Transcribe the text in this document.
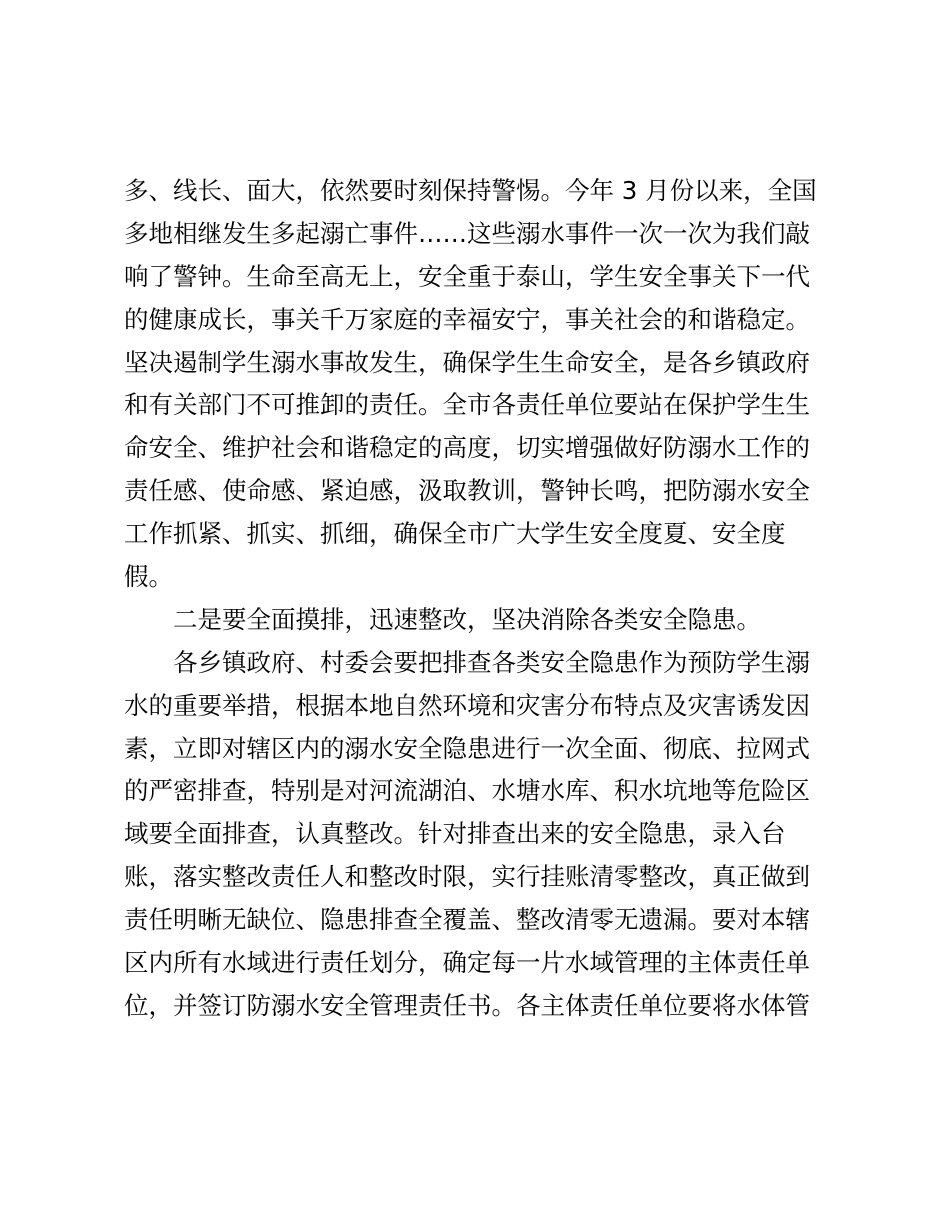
多、线长、面大，依然要时刻保持警惕。今年 3 月份以来，全国
多地相继发生多起溺亡事件……这些溺水事件一次一次为我们敲
响了警钟。生命至高无上，安全重于泰山，学生安全事关下一代
的健康成长，事关千万家庭的幸福安宁，事关社会的和谐稳定。
坚决遏制学生溺水事故发生，确保学生生命安全，是各乡镇政府
和有关部门不可推卸的责任。全市各责任单位要站在保护学生生
命安全、维护社会和谐稳定的高度，切实增强做好防溺水工作的
责任感、使命感、紧迫感，汲取教训，警钟长鸣，把防溺水安全
工作抓紧、抓实、抓细，确保全市广大学生安全度夏、安全度
假。
二是要全面摸排，迅速整改，坚决消除各类安全隐患。
各乡镇政府、村委会要把排查各类安全隐患作为预防学生溺
水的重要举措，根据本地自然环境和灾害分布特点及灾害诱发因
素，立即对辖区内的溺水安全隐患进行一次全面、彻底、拉网式
的严密排查，特别是对河流湖泊、水塘水库、积水坑地等危险区
域要全面排查，认真整改。针对排查出来的安全隐患，录入台
账，落实整改责任人和整改时限，实行挂账清零整改，真正做到
责任明晰无缺位、隐患排查全覆盖、整改清零无遗漏。要对本辖
区内所有水域进行责任划分，确定每一片水域管理的主体责任单
位，并签订防溺水安全管理责任书。各主体责任单位要将水体管
